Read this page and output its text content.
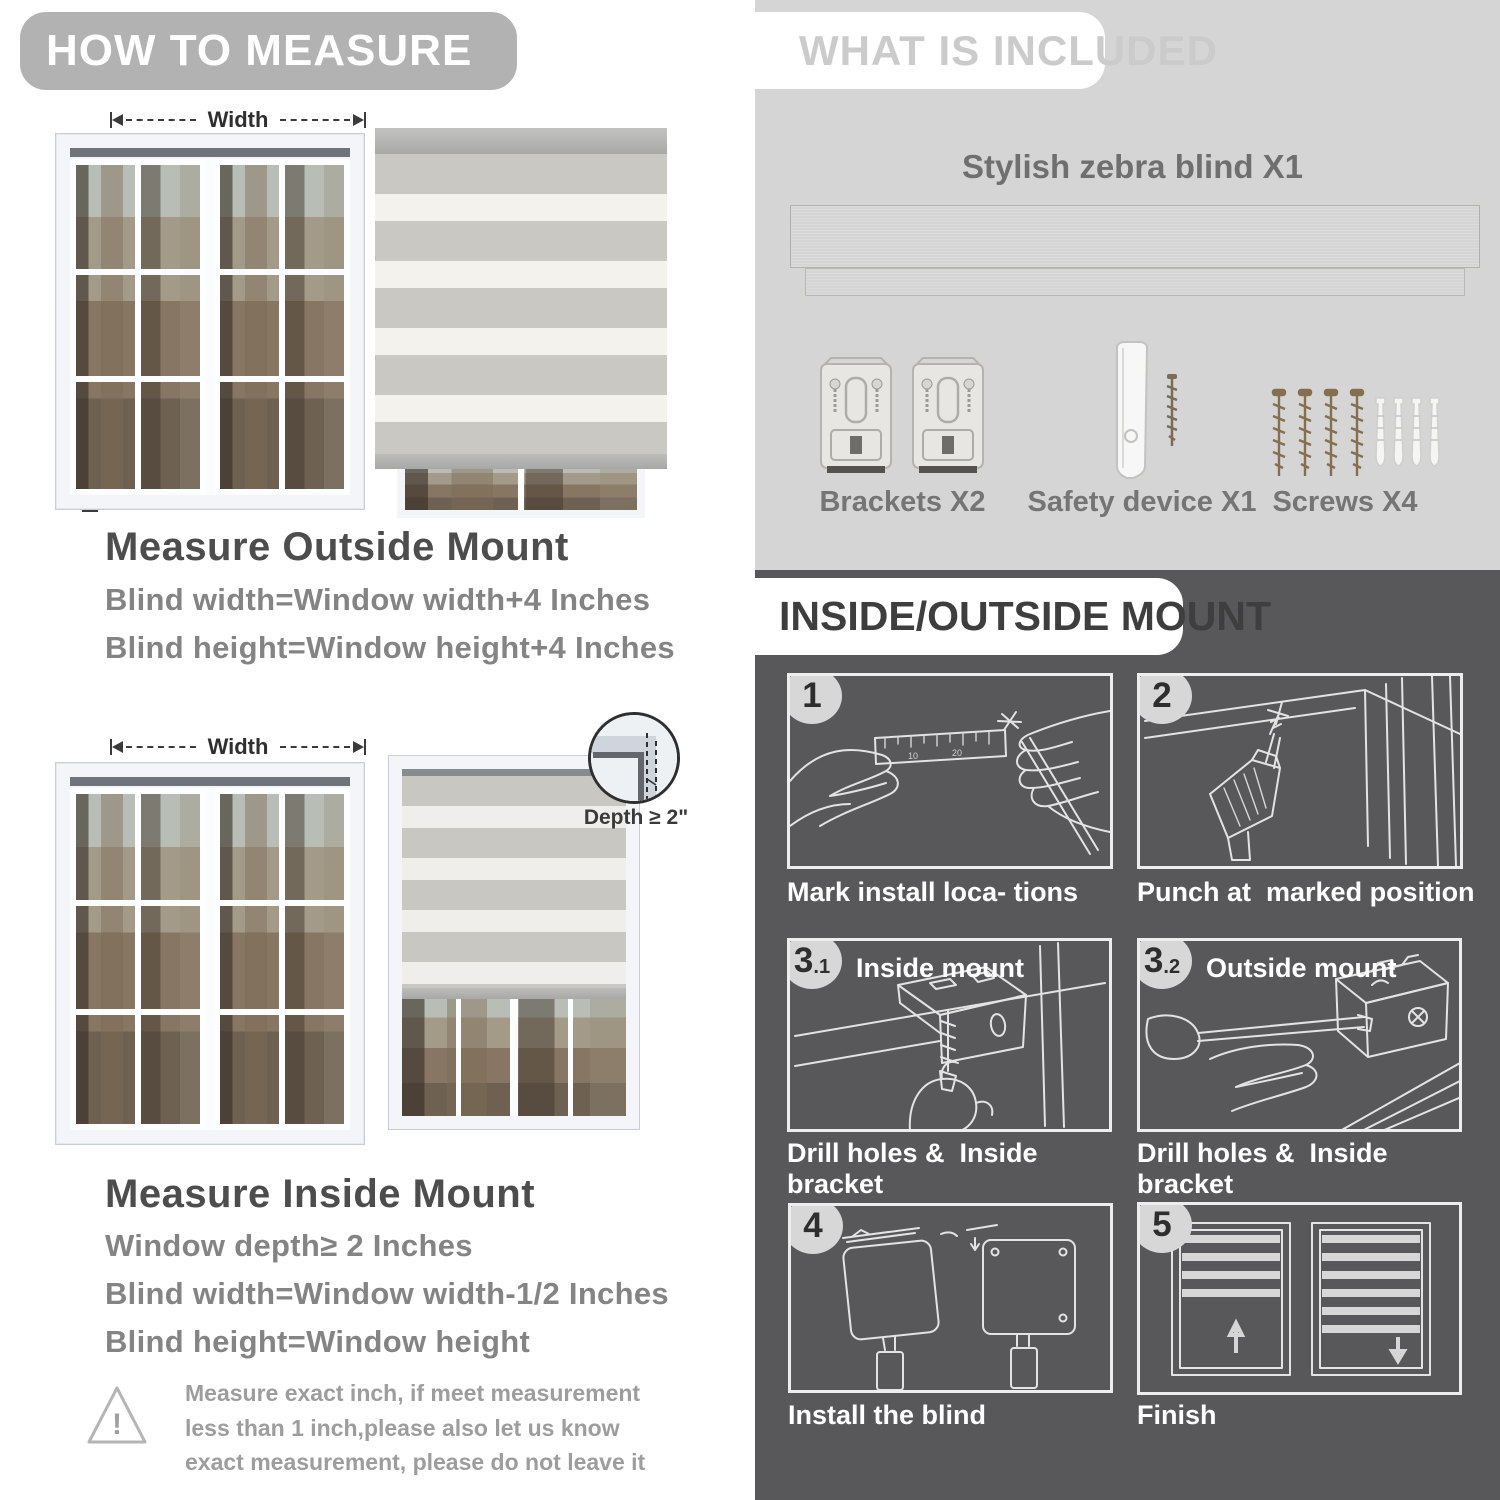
HOW TO MEASURE
Width
Measure Outside Mount
Blind width=Window width+4 Inches
Blind height=Window height+4 Inches
Width
Depth ≥ 2"
Measure Inside Mount
Window depth≥ 2 Inches
Blind width=Window width-1/2 Inches
Blind height=Window height
!
Measure exact inch, if meet measurement less than 1 inch,please also let us know exact measurement, please do not leave it
WHAT IS INCLUDED
Stylish zebra blind X1
Brackets X2	Safety device X1 Screws X4
INSIDE/OUTSIDE MOUNT
10	20
1
Mark install loca- tions
2
Punch at  marked position
3 .1 Inside mount
Drill holes &  Inside bracket
3 .2 Outside mount
Drill holes &  Inside bracket
4
Install the blind
5
Finish
